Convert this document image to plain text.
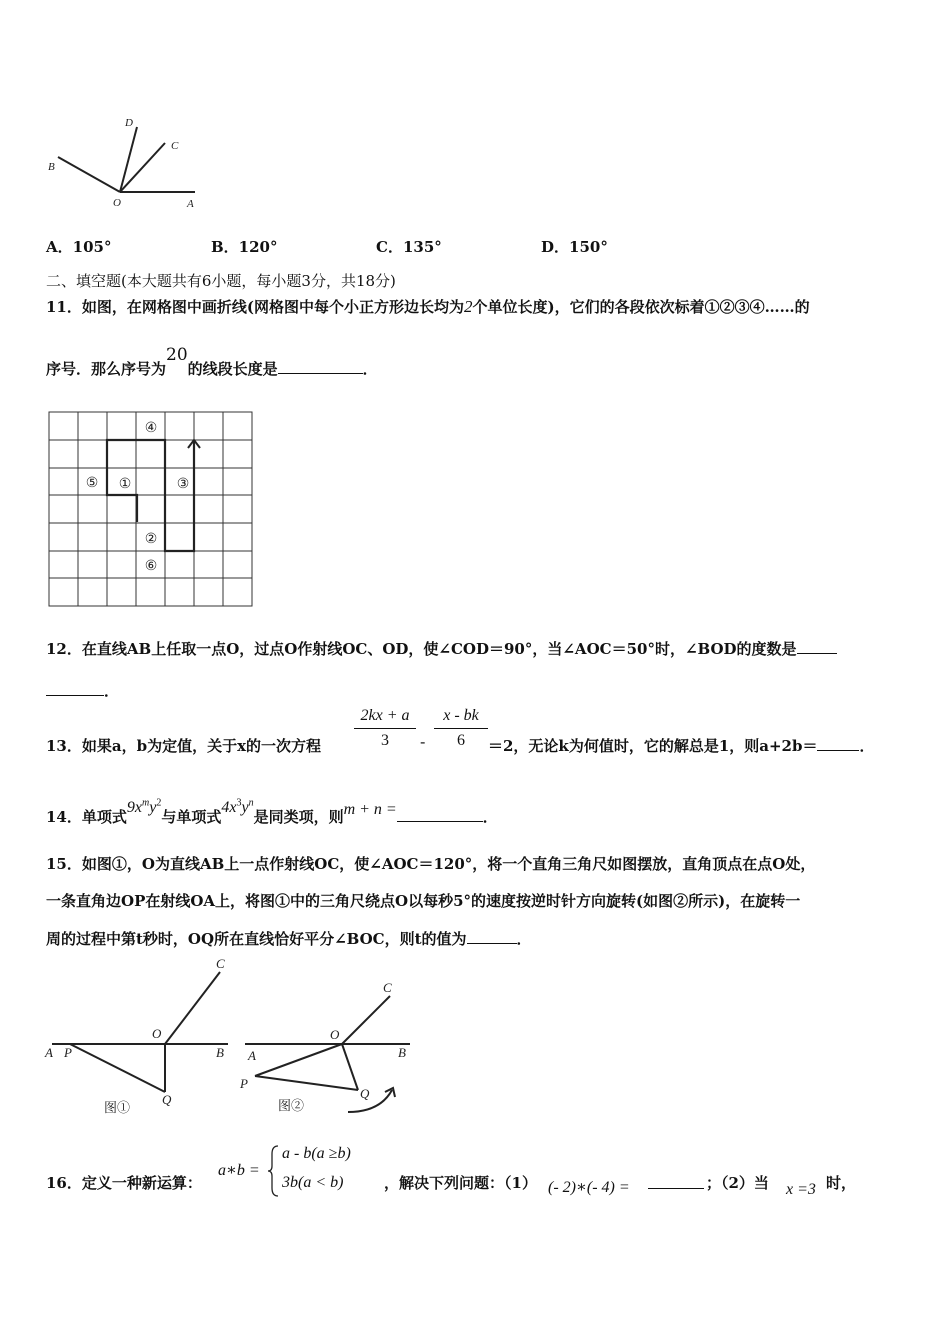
D
C
B
O	A
A．105°	B．120°	C．135°	D．150°
二、填空题(本大题共有6小题，每小题3分，共18分)
11．如图，在网格图中画折线(网格图中每个小正方形边长均为2个单位长度)，它们的各段依次标着①②③④……的
序号．那么序号为20的线段长度是	．
④
⑤ ①	③
②
⑥
12．在直线AB上任取一点O，过点O作射线OC、OD，使∠COD＝90°，当∠AOC＝50°时，∠BOD的度数是
．
13．如果a，b为定值，关于x的一次方程 $\frac{2kx + a}{3} - \frac{x - bk}{6} =2$，无论k为何值时，它的解总是1，则a+2b＝	．
14．单项式$9x^my^2$与单项式$4x^3y^n$是同类项，则m + n =	．
15．如图①，O为直线AB上一点作射线OC，使∠AOC＝120°，将一个直角三角尺如图摆放，直角顶点在点O处，
一条直角边OP在射线OA上，将图①中的三角尺绕点O以每秒5°的速度按逆时针方向旋转(如图②所示)，在旋转一
周的过程中第t秒时，OQ所在直线恰好平分∠BOC，则t的值为	．
C
O
A P	B
Q
图①
C
O
A	B
P
Q
图②
16．定义一种新运算：
a∗b =
a - b(a ≥b)
3b(a < b)	，解决下列问题：（1） (- 2)∗(- 4) =	；（2）当 x =3 时，
